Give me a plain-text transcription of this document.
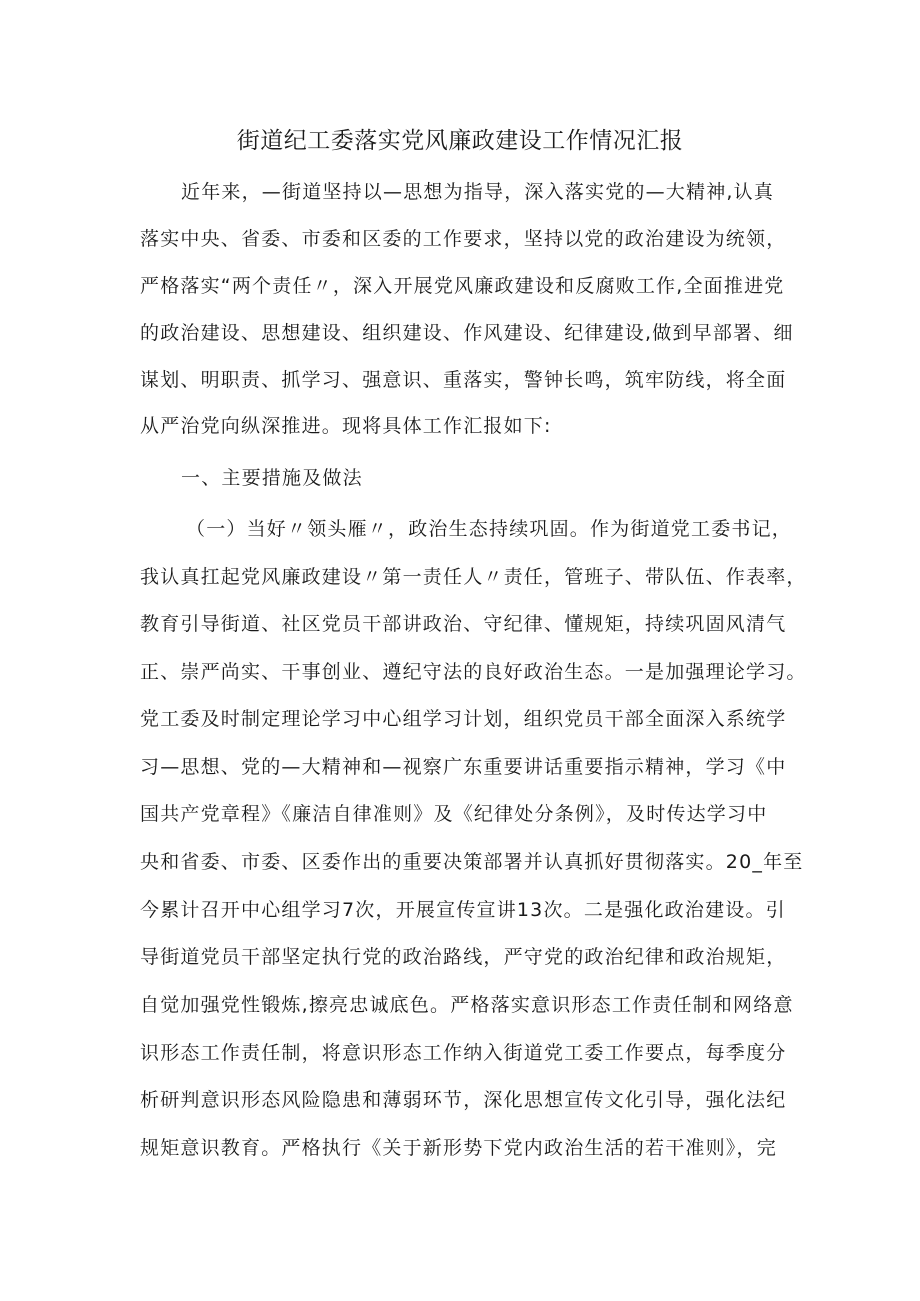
街道纪工委落实党风廉政建设工作情况汇报

近年来，—街道坚持以—思想为指导，深入落实党的—大精神,认真

落实中央、省委、市委和区委的工作要求，坚持以党的政治建设为统领，

严格落实“两个责任〃，深入开展党风廉政建设和反腐败工作,全面推进党

的政治建设、思想建设、组织建设、作风建设、纪律建设,做到早部署、细

谋划、明职责、抓学习、强意识、重落实，警钟长鸣，筑牢防线，将全面

从严治党向纵深推进。现将具体工作汇报如下:

一、主要措施及做法

（一）当好〃领头雁〃，政治生态持续巩固。作为街道党工委书记，

我认真扛起党风廉政建设〃第一责任人〃责任，管班子、带队伍、作表率，

教育引导街道、社区党员干部讲政治、守纪律、懂规矩，持续巩固风清气

正、崇严尚实、干事创业、遵纪守法的良好政治生态。一是加强理论学习。

党工委及时制定理论学习中心组学习计划，组织党员干部全面深入系统学

习—思想、党的—大精神和—视察广东重要讲话重要指示精神，学习《中

国共产党章程》《廉洁自律准则》及《纪律处分条例》，及时传达学习中

央和省委、市委、区委作出的重要决策部署并认真抓好贯彻落实。20_年至

今累计召开中心组学习7次，开展宣传宣讲13次。二是强化政治建设。引

导街道党员干部坚定执行党的政治路线，严守党的政治纪律和政治规矩，

自觉加强党性锻炼,擦亮忠诚底色。严格落实意识形态工作责任制和网络意

识形态工作责任制，将意识形态工作纳入街道党工委工作要点，每季度分

析研判意识形态风险隐患和薄弱环节，深化思想宣传文化引导，强化法纪

规矩意识教育。严格执行《关于新形势下党内政治生活的若干准则》，完
